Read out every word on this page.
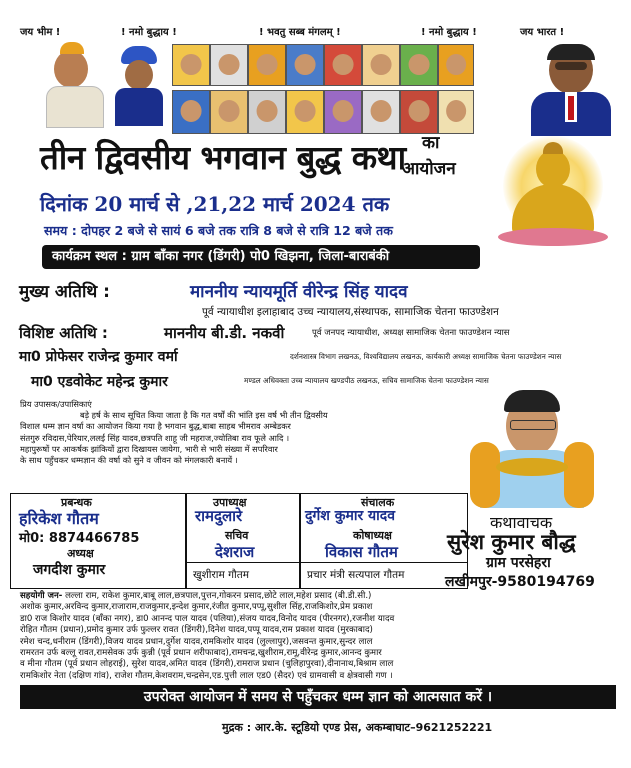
जय भीम !	! नमो बुद्धाय !	! भवतु सब्ब मंगलम् !	! नमो बुद्धाय !	जय भारत !
तीन द्विवसीय भगवान बुद्ध कथा का
आयोजन
दिनांक 20 मार्च से ,21,22 मार्च 2024 तक
समय : दोपहर 2 बजे से सायं 6 बजे तक रात्रि 8 बजे से रात्रि 12 बजे तक
कार्यक्रम स्थल : ग्राम बाँका नगर (डिंगरी) पो0 खिझना, जिला-बाराबंकी
मुख्य अतिथि :	माननीय न्यायमूर्ति वीरेन्द्र सिंह यादव
पूर्व न्यायाधीश इलाहाबाद उच्च न्यायालय,संस्थापक, सामाजिक चेतना फाउण्डेशन
विशिष्ट अतिथि :	माननीय बी.डी. नकवी	पूर्व जनपद न्यायाधीश, अध्यक्ष सामाजिक चेतना फाउण्डेशन न्यास
मा0 प्रोफेसर राजेन्द्र कुमार वर्मा	दर्शनशास्त्र विभाग लखनऊ, विश्वविद्यालय लखनऊ, कार्यकारी अध्यक्ष सामाजिक चेतना फाउण्डेशन न्यास
मा0 एडवोकेट महेन्द्र कुमार	मण्डल अधिवक्ता उच्च न्यायालय खण्डपीठ लखनऊ, सचिव सामाजिक चेतना फाउण्डेशन न्यास
प्रिय उपासक/उपासिकाएं
बड़े हर्ष के साथ सूचित किया जाता है कि गत वर्षों की भांति इस वर्ष भी तीन द्विवसीय
विशाल धम्म ज्ञान वर्षा का आयोजन किया गया है भगवान बुद्ध,बाबा साहब भीमराव अम्बेडकर
संतगुरु रविदास,पेरियार,ललई सिंह यादव,छत्रपति शाहू जी महराज,ज्योतिबा राव फूले आदि ।
महापुरूषों पर आकर्षक झांकियों द्वारा दिखायस जायेगा, भारी से भारी संख्या में सपरिवार
के साथ पहुँचकर धम्मज्ञान की वर्षा को सुने व जीवन को मंगलकारी बनायें ।
कथावाचक
सुरेश कुमार बौद्ध
ग्राम परसेहरा
लखीमपुर-9580194769
प्रबन्धक
हरिकेश गौतम
मो0: 8874466785
अध्यक्ष
जगदीश कुमार
उपाध्यक्ष
रामदुलारे
सचिव
देशराज
खुशीराम गौतम
संचालक
दुर्गेश कुमार यादव
कोषाध्यक्ष
विकास गौतम
प्रचार मंत्री सत्यपाल गौतम
सहयोगी जन- लल्ला राम, राकेश कुमार,बाबू लाल,छत्रपाल,पुत्तन,गोकरन प्रसाद,छोटे लाल,महेश प्रसाद (बी.डी.सी.)
अशोक कुमार,अरविन्द कुमार,राजाराम,राजकुमार,इन्देश कुमार,रंजीत कुमार,पप्पू,सुशील सिंह,राजकिशोर,प्रेम प्रकाश
डा0 राज किशोर यादव (बाँका नगर), डा0 आनन्द पाल यादव (पलिया),संजय यादव,विनोद यादव (पीरनगर),रजनीश यादव
रोहित गौतम (प्रधान),प्रमोद कुमार उर्फ फुल्लर रावत (डिंगरी),दिनेश यादव,पप्पू यादव,राम प्रकाश यादव (मुरकाबाद)
रमेश चन्द,धनीराम (डिंगरी),विजय यादव प्रधान,दुर्गेश यादव,रामकिशोर यादव (लुल्लापुर),जसवन्त कुमार,सुन्दर लाल
रामरतन उर्फ बल्लू रावत,रामसेवक उर्फ कुन्नी (पूर्व प्रधान शरीफाबाद),रामचन्द्र,खुशीराम,रामू,वीरेन्द्र कुमार,आनन्द कुमार
व मीना गौतम (पूर्व प्रधान लोहराई), सुरेश यादव,अमित यादव (डिंगरी),रामराज प्रधान (चुलिहापुरवा),दीनानाथ,बिश्राम लाल
रामकिशोर नेता (दक्षिण गांव), राजेश गौतम,केशवराम,चन्द्रसेन,एड.पुत्ती लाल एड0 (सैदर) एवं ग्रामवासी व क्षेत्रवासी गण ।
उपरोक्त आयोजन में समय से पहुँचकर धम्म ज्ञान को आत्मसात करें ।
मुद्रक : आर.के. स्टूडियो एण्ड प्रेस, अकम्बाघाट–9621252221
